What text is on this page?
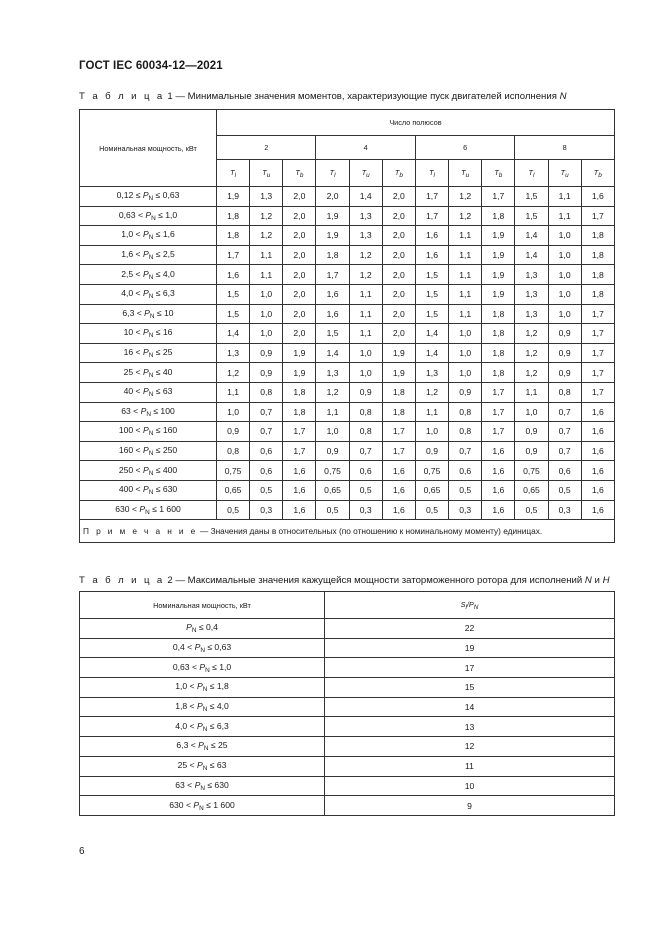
ГОСТ IEC 60034-12—2021
Т а б л и ц а 1 — Минимальные значения моментов, характеризующие пуск двигателей исполнения N
Номинальная мощность, кВт	Число полюсов											
	2			4			6			8		
	$T_l$	$T_u$	$T_b$	$T_l$	$T_u$	$T_b$	$T_l$	$T_u$	$T_b$	$T_l$	$T_u$	$T_b$
$0,12 \le P_N \le 0,63$	1,9	1,3	2,0	2,0	1,4	2,0	1,7	1,2	1,7	1,5	1,1	1,6
$0,63 < P_N \le 1,0$	1,8	1,2	2,0	1,9	1,3	2,0	1,7	1,2	1,8	1,5	1,1	1,7
$1,0 < P_N \le 1,6$	1,8	1,2	2,0	1,9	1,3	2,0	1,6	1,1	1,9	1,4	1,0	1,8
$1,6 < P_N \le 2,5$	1,7	1,1	2,0	1,8	1,2	2,0	1,6	1,1	1,9	1,4	1,0	1,8
$2,5 < P_N \le 4,0$	1,6	1,1	2,0	1,7	1,2	2,0	1,5	1,1	1,9	1,3	1,0	1,8
$4,0 < P_N \le 6,3$	1,5	1,0	2,0	1,6	1,1	2,0	1,5	1,1	1,9	1,3	1,0	1,8
$6,3 < P_N \le 10$	1,5	1,0	2,0	1,6	1,1	2,0	1,5	1,1	1,8	1,3	1,0	1,7
$10 < P_N \le 16$	1,4	1,0	2,0	1,5	1,1	2,0	1,4	1,0	1,8	1,2	0,9	1,7
$16 < P_N \le 25$	1,3	0,9	1,9	1,4	1,0	1,9	1,4	1,0	1,8	1,2	0,9	1,7
$25 < P_N \le 40$	1,2	0,9	1,9	1,3	1,0	1,9	1,3	1,0	1,8	1,2	0,9	1,7
$40 < P_N \le 63$	1,1	0,8	1,8	1,2	0,9	1,8	1,2	0,9	1,7	1,1	0,8	1,7
$63 < P_N \le 100$	1,0	0,7	1,8	1,1	0,8	1,8	1,1	0,8	1,7	1,0	0,7	1,6
$100 < P_N \le 160$	0,9	0,7	1,7	1,0	0,8	1,7	1,0	0,8	1,7	0,9	0,7	1,6
$160 < P_N \le 250$	0,8	0,6	1,7	0,9	0,7	1,7	0,9	0,7	1,6	0,9	0,7	1,6
$250 < P_N \le 400$	0,75	0,6	1,6	0,75	0,6	1,6	0,75	0,6	1,6	0,75	0,6	1,6
$400 < P_N \le 630$	0,65	0,5	1,6	0,65	0,5	1,6	0,65	0,5	1,6	0,65	0,5	1,6
$630 < P_N \le 1$ 600	0,5	0,3	1,6	0,5	0,3	1,6	0,5	0,3	1,6	0,5	0,3	1,6
П р и м е ч а н и е — Значения даны в относительных (по отношению к номинальному моменту) единицах.												
Т а б л и ц а 2 — Максимальные значения кажущейся мощности заторможенного ротора для исполнений N и H
Номинальная мощность, кВт	$S_l/P_N$
$P_N \le 0,4$	22
$0,4 < P_N \le 0,63$	19
$0,63 < P_N \le 1,0$	17
$1,0 < P_N \le 1,8$	15
$1,8 < P_N \le 4,0$	14
$4,0 < P_N \le 6,3$	13
$6,3 < P_N \le 25$	12
$25 < P_N \le 63$	11
$63 < P_N \le 630$	10
$630 < P_N \le 1$ 600	9
6
